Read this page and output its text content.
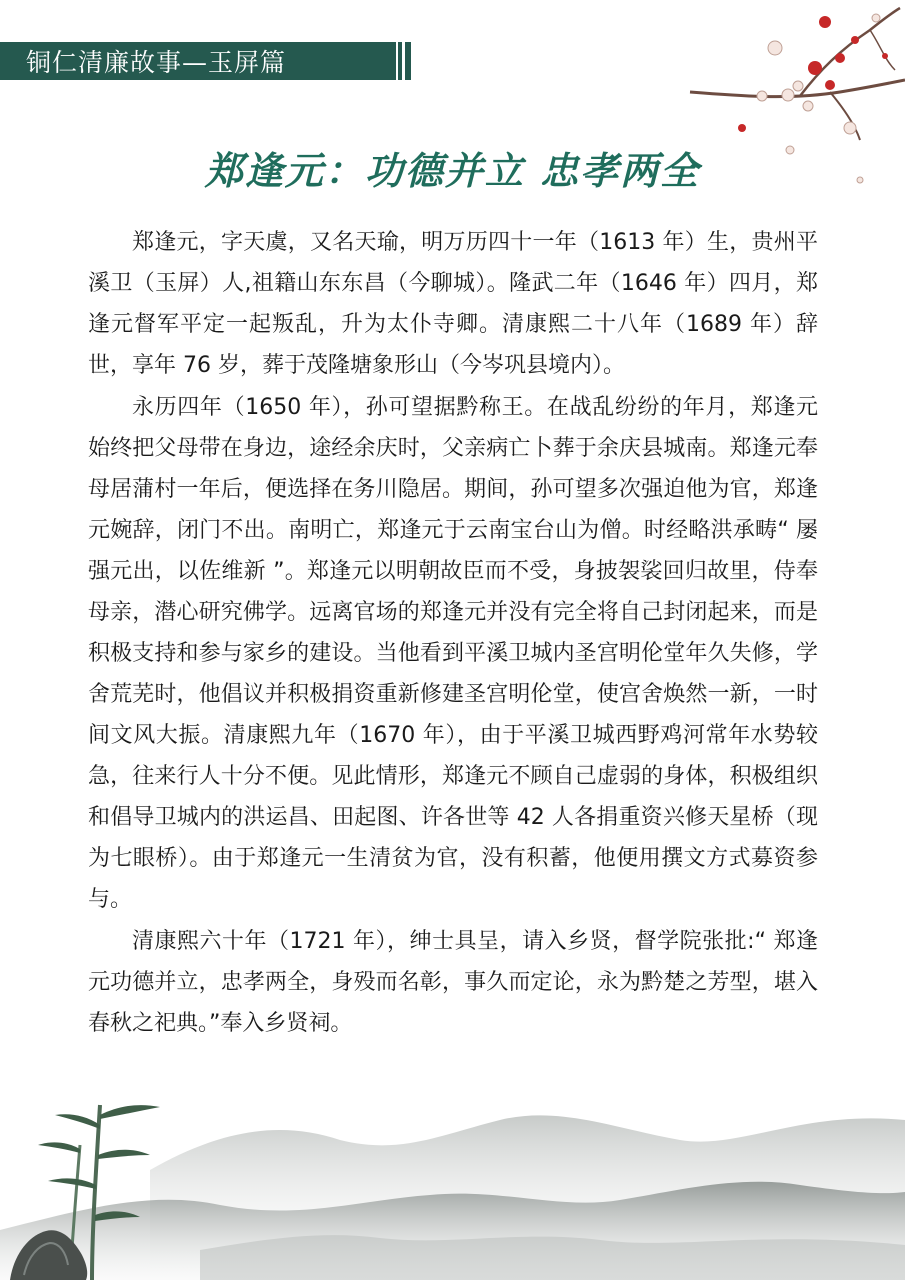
铜仁清廉故事—玉屏篇
郑逢元：功德并立 忠孝两全

郑逢元，字天虞，又名天瑜，明万历四十一年（1613 年）生，贵州平溪卫（玉屏）人,祖籍山东东昌（今聊城）。隆武二年（1646 年）四月，郑逢元督军平定一起叛乱，升为太仆寺卿。清康熙二十八年（1689 年）辞世，享年 76 岁，葬于茂隆塘象形山（今岑巩县境内）。

永历四年（1650 年），孙可望据黔称王。在战乱纷纷的年月，郑逢元始终把父母带在身边，途经余庆时，父亲病亡卜葬于余庆县城南。郑逢元奉母居蒲村一年后，便选择在务川隐居。期间，孙可望多次强迫他为官，郑逢元婉辞，闭门不出。南明亡，郑逢元于云南宝台山为僧。时经略洪承畴“ 屡强元出，以佐维新 ”。郑逢元以明朝故臣而不受，身披袈裟回归故里，侍奉母亲，潜心研究佛学。远离官场的郑逢元并没有完全将自己封闭起来，而是积极支持和参与家乡的建设。当他看到平溪卫城内圣宫明伦堂年久失修，学舍荒芜时，他倡议并积极捐资重新修建圣宫明伦堂，使宫舍焕然一新，一时间文风大振。清康熙九年（1670 年），由于平溪卫城西野鸡河常年水势较急，往来行人十分不便。见此情形，郑逢元不顾自己虚弱的身体，积极组织和倡导卫城内的洪运昌、田起图、许各世等 42 人各捐重资兴修天星桥（现为七眼桥）。由于郑逢元一生清贫为官，没有积蓄，他便用撰文方式募资参与。

清康熙六十年（1721 年），绅士具呈，请入乡贤，督学院张批:“ 郑逢元功德并立，忠孝两全，身殁而名彰，事久而定论，永为黔楚之芳型，堪入春秋之祀典。”奉入乡贤祠。
